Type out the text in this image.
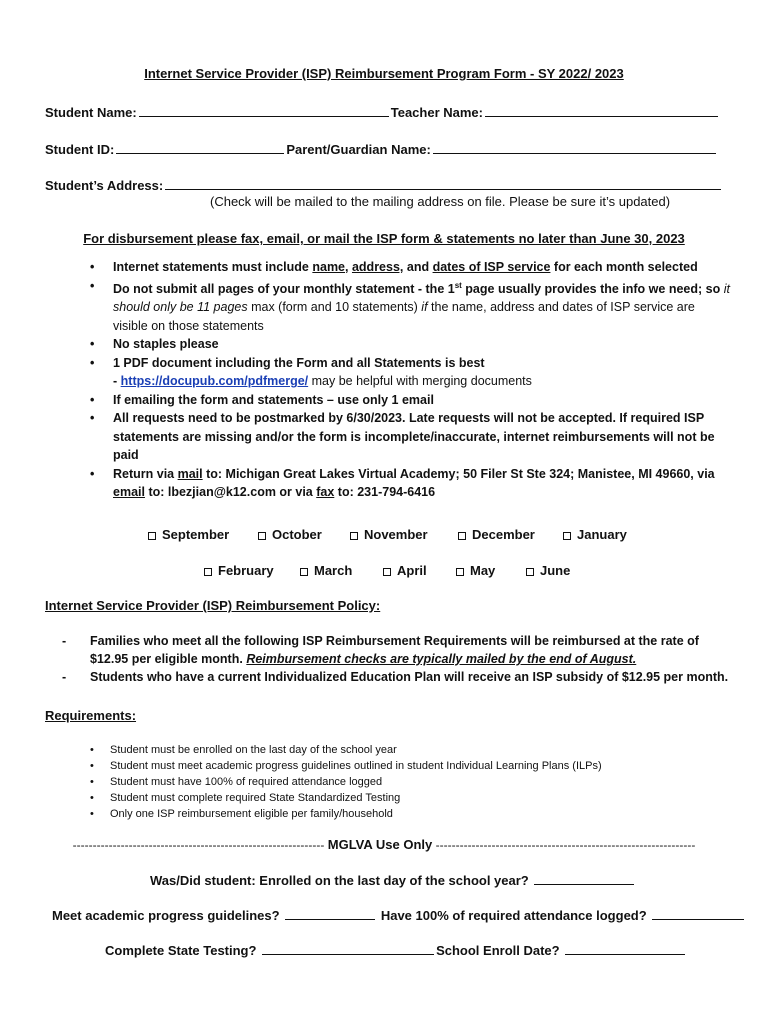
Internet Service Provider (ISP) Reimbursement Program Form - SY 2022/ 2023
Student Name:	Teacher Name:
Student ID:	Parent/Guardian Name:
Student’s Address:
(Check will be mailed to the mailing address on file. Please be sure it’s updated)
For disbursement please fax, email, or mail the ISP form & statements no later than June 30, 2023
• Internet statements must include name, address, and dates of ISP service for each month selected
• Do not submit all pages of your monthly statement - the 1st page usually provides the info we need; so it should only be 11 pages max (form and 10 statements) if the name, address and dates of ISP service are visible on those statements
• No staples please
• 1 PDF document including the Form and all Statements is best
- https://docupub.com/pdfmerge/ may be helpful with merging documents
• If emailing the form and statements – use only 1 email
• All requests need to be postmarked by 6/30/2023. Late requests will not be accepted. If required ISP statements are missing and/or the form is incomplete/inaccurate, internet reimbursements will not be paid
• Return via mail to: Michigan Great Lakes Virtual Academy; 50 Filer St Ste 324; Manistee, MI 49660, via email to: lbezjian@k12.com or via fax to: 231-794-6416
September	October	November	December	January
February	March	April	May	June
Internet Service Provider (ISP) Reimbursement Policy:
- Families who meet all the following ISP Reimbursement Requirements will be reimbursed at the rate of $12.95 per eligible month. Reimbursement checks are typically mailed by the end of August.
- Students who have a current Individualized Education Plan will receive an ISP subsidy of $12.95 per month.
Requirements:
• Student must be enrolled on the last day of the school year
• Student must meet academic progress guidelines outlined in student Individual Learning Plans (ILPs)
• Student must have 100% of required attendance logged
• Student must complete required State Standardized Testing
• Only one ISP reimbursement eligible per family/household
--------------------------------------------------------------- MGLVA Use Only -----------------------------------------------------------------
Was/Did student: Enrolled on the last day of the school year?
Meet academic progress guidelines?	Have 100% of required attendance logged?
Complete State Testing?	School Enroll Date?
